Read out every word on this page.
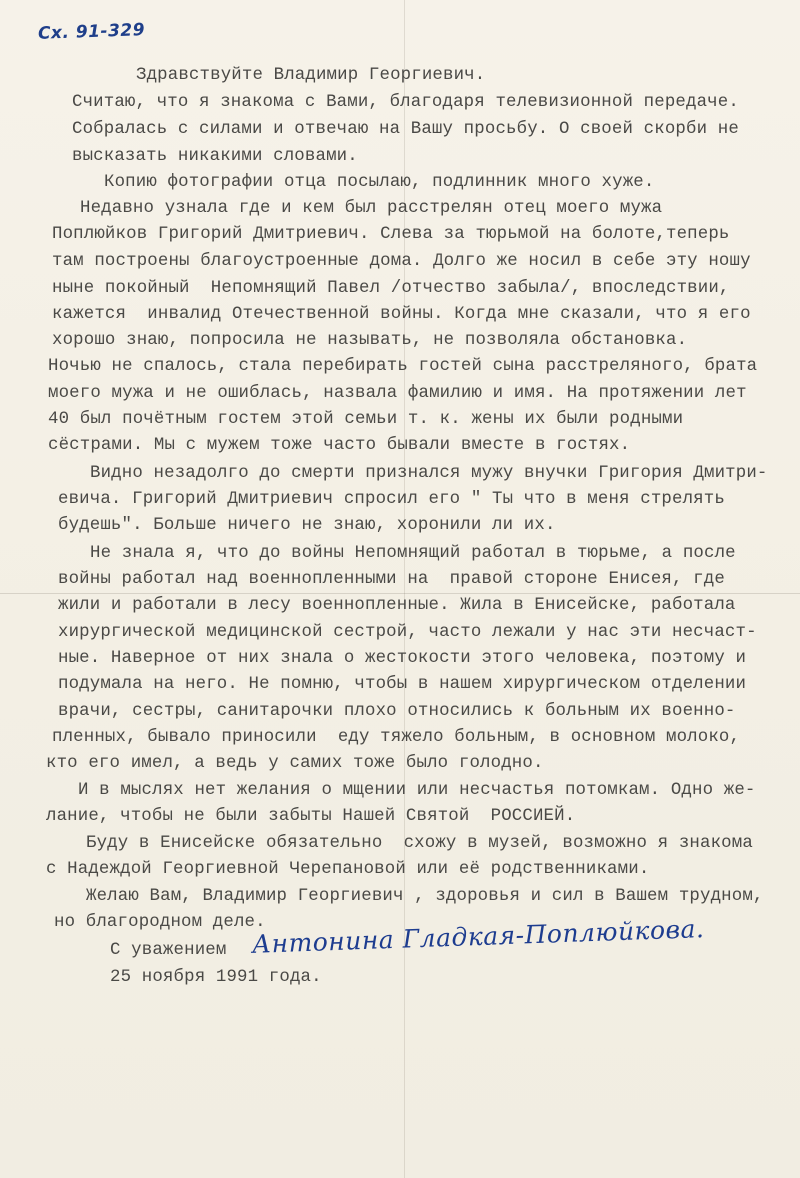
Сх. 91-329
Здравствуйте Владимир Георгиевич.
Считаю, что я знакома с Вами, благодаря телевизионной передаче.
Собралась с силами и отвечаю на Вашу просьбу. О своей скорби не
высказать никакими словами.
Копию фотографии отца посылаю, подлинник много хуже.
Недавно узнала где и кем был расстрелян отец моего мужа
Поплюйков Григорий Дмитриевич. Слева за тюрьмой на болоте,теперь
там построены благоустроенные дома. Долго же носил в себе эту ношу
ныне покойный  Непомнящий Павел /отчество забыла/, впоследствии,
кажется  инвалид Отечественной войны. Когда мне сказали, что я его
хорошо знаю, попросила не называть, не позволяла обстановка.
Ночью не спалось, стала перебирать гостей сына расстреляного, брата
моего мужа и не ошиблась, назвала фамилию и имя. На протяжении лет
40 был почётным гостем этой семьи т. к. жены их были родными
сёстрами. Мы с мужем тоже часто бывали вместе в гостях.
Видно незадолго до смерти признался мужу внучки Григория Дмитри-
евича. Григорий Дмитриевич спросил его " Ты что в меня стрелять
будешь". Больше ничего не знаю, хоронили ли их.
Не знала я, что до войны Непомнящий работал в тюрьме, а после
войны работал над военнопленными на  правой стороне Енисея, где
жили и работали в лесу военнопленные. Жила в Енисейске, работала
хирургической медицинской сестрой, часто лежали у нас эти несчаст-
ные. Наверное от них знала о жестокости этого человека, поэтому и
подумала на него. Не помню, чтобы в нашем хирургическом отделении
врачи, сестры, санитарочки плохо относились к больным их военно-
пленных, бывало приносили  еду тяжело больным, в основном молоко,
кто его имел, а ведь у самих тоже было голодно.
И в мыслях нет желания о мщении или несчастья потомкам. Одно же-
лание, чтобы не были забыты Нашей Святой  РОССИЕЙ.
Буду в Енисейске обязательно  схожу в музей, возможно я знакома
с Надеждой Георгиевной Черепановой или её родственниками.
Желаю Вам, Владимир Георгиевич , здоровья и сил в Вашем трудном,
но благородном деле.
С уважением
25 ноября 1991 года.
Антонина Гладкая-Поплюйкова.
